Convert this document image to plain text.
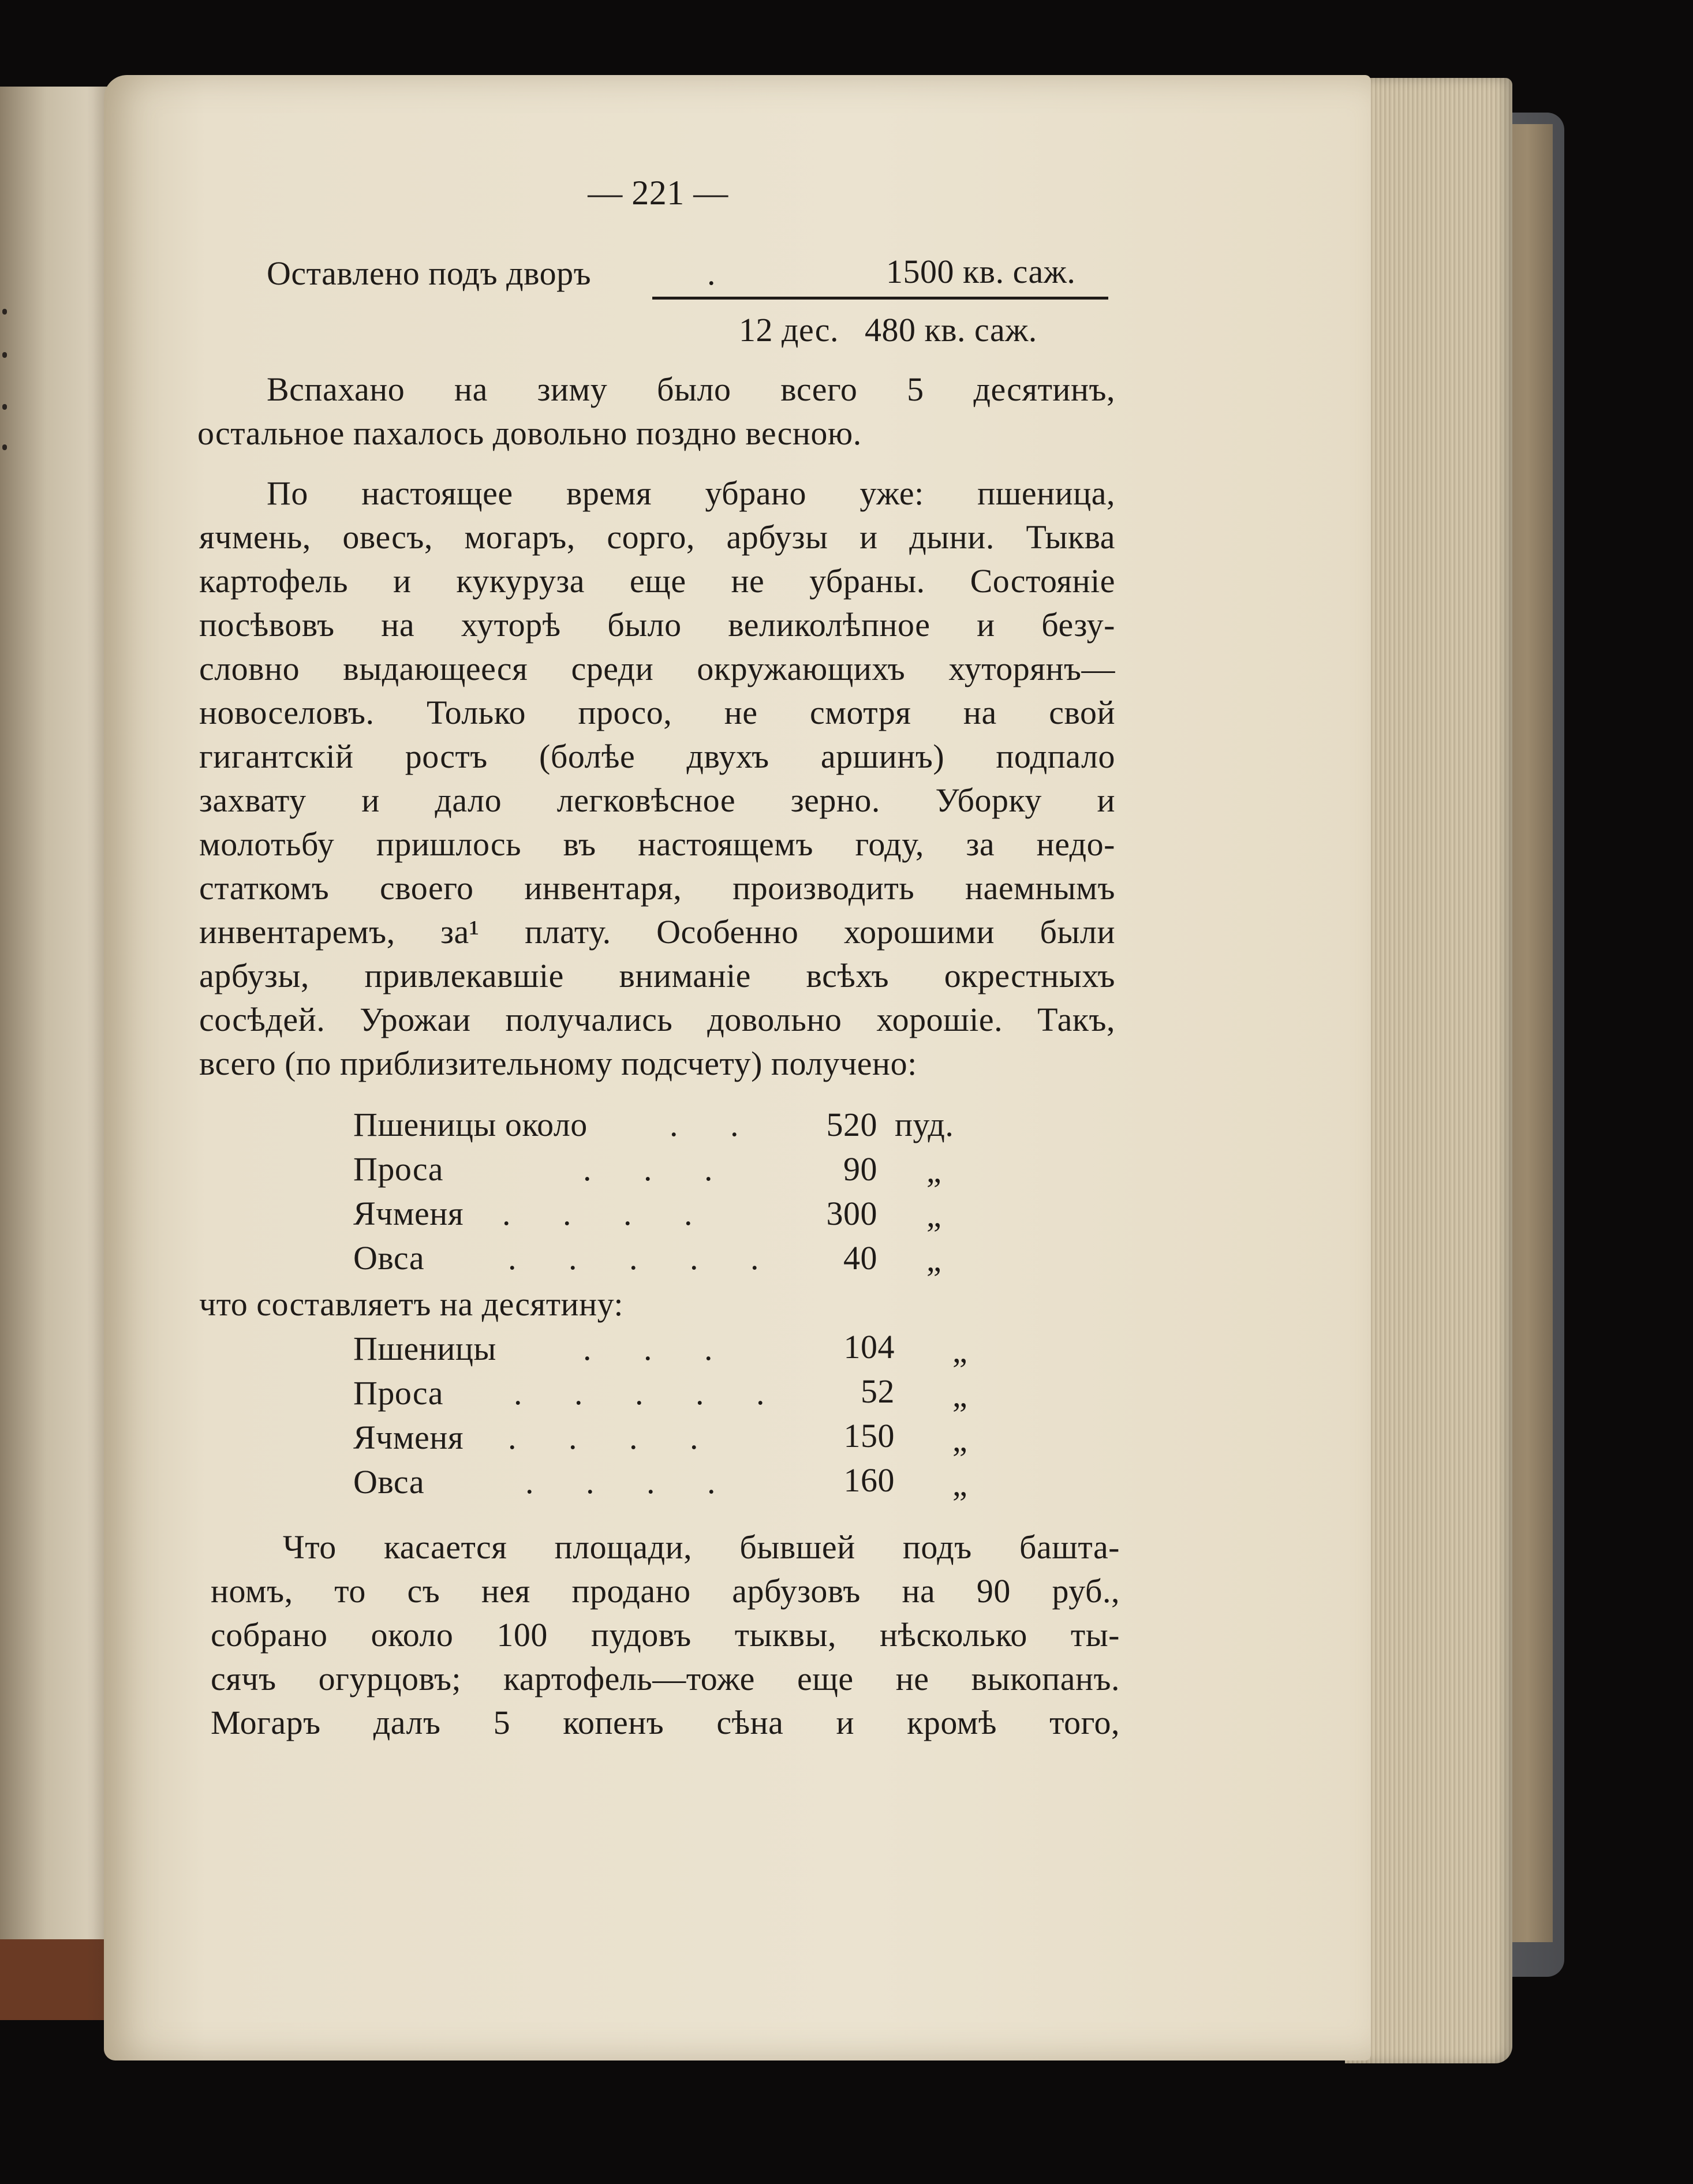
— 221 —

Оставлено подъ дворъ	.	1500 кв. саж.

12 дес.   480 кв. саж.

Вспахано на зиму было всего 5 десятинъ,

остальное пахалось довольно поздно весною.

По настоящее время убрано уже: пшеница,

ячмень, овесъ, могаръ, сорго, арбузы и дыни. Тыква

картофель и кукуруза еще не убраны. Состоянiе

посѣвовъ на хуторѣ было великолѣпное и безу-

словно выдающееся среди окружающихъ хуторянъ—

новоселовъ. Только просо, не смотря на свой

гигантскiй ростъ (болѣе двухъ аршинъ) подпало

захвату и дало легковѣсное зерно. Уборку и

молотьбу пришлось въ настоящемъ году, за недо-

статкомъ своего инвентаря, производить наемнымъ

инвентаремъ, за¹ плату. Особенно хорошими были

арбузы, привлекавшiе вниманiе всѣхъ окрестныхъ

сосѣдей. Урожаи получались довольно хорошiе. Такъ,

всего (по приблизительному подсчету) получено:

Пшеницы около .      .	520 пуд.

Проса	.      .      .	90 „

Ячменя .      .      .      .	300 „

Овса .      .      .      .      .	40 „

что составляетъ на десятину:

Пшеницы	.      .      .	104 „

Проса .      .      .      .      .	52 „

Ячменя .      .      .      .	150 „

Овса	.      .      .      .	160 „

Что касается площади, бывшей подъ башта-

номъ, то съ нея продано арбузовъ на 90 руб.,

собрано около 100 пудовъ тыквы, нѣсколько ты-

сячъ огурцовъ; картофель—тоже еще не выкопанъ.

Могаръ далъ 5 копенъ сѣна и кромѣ того,
